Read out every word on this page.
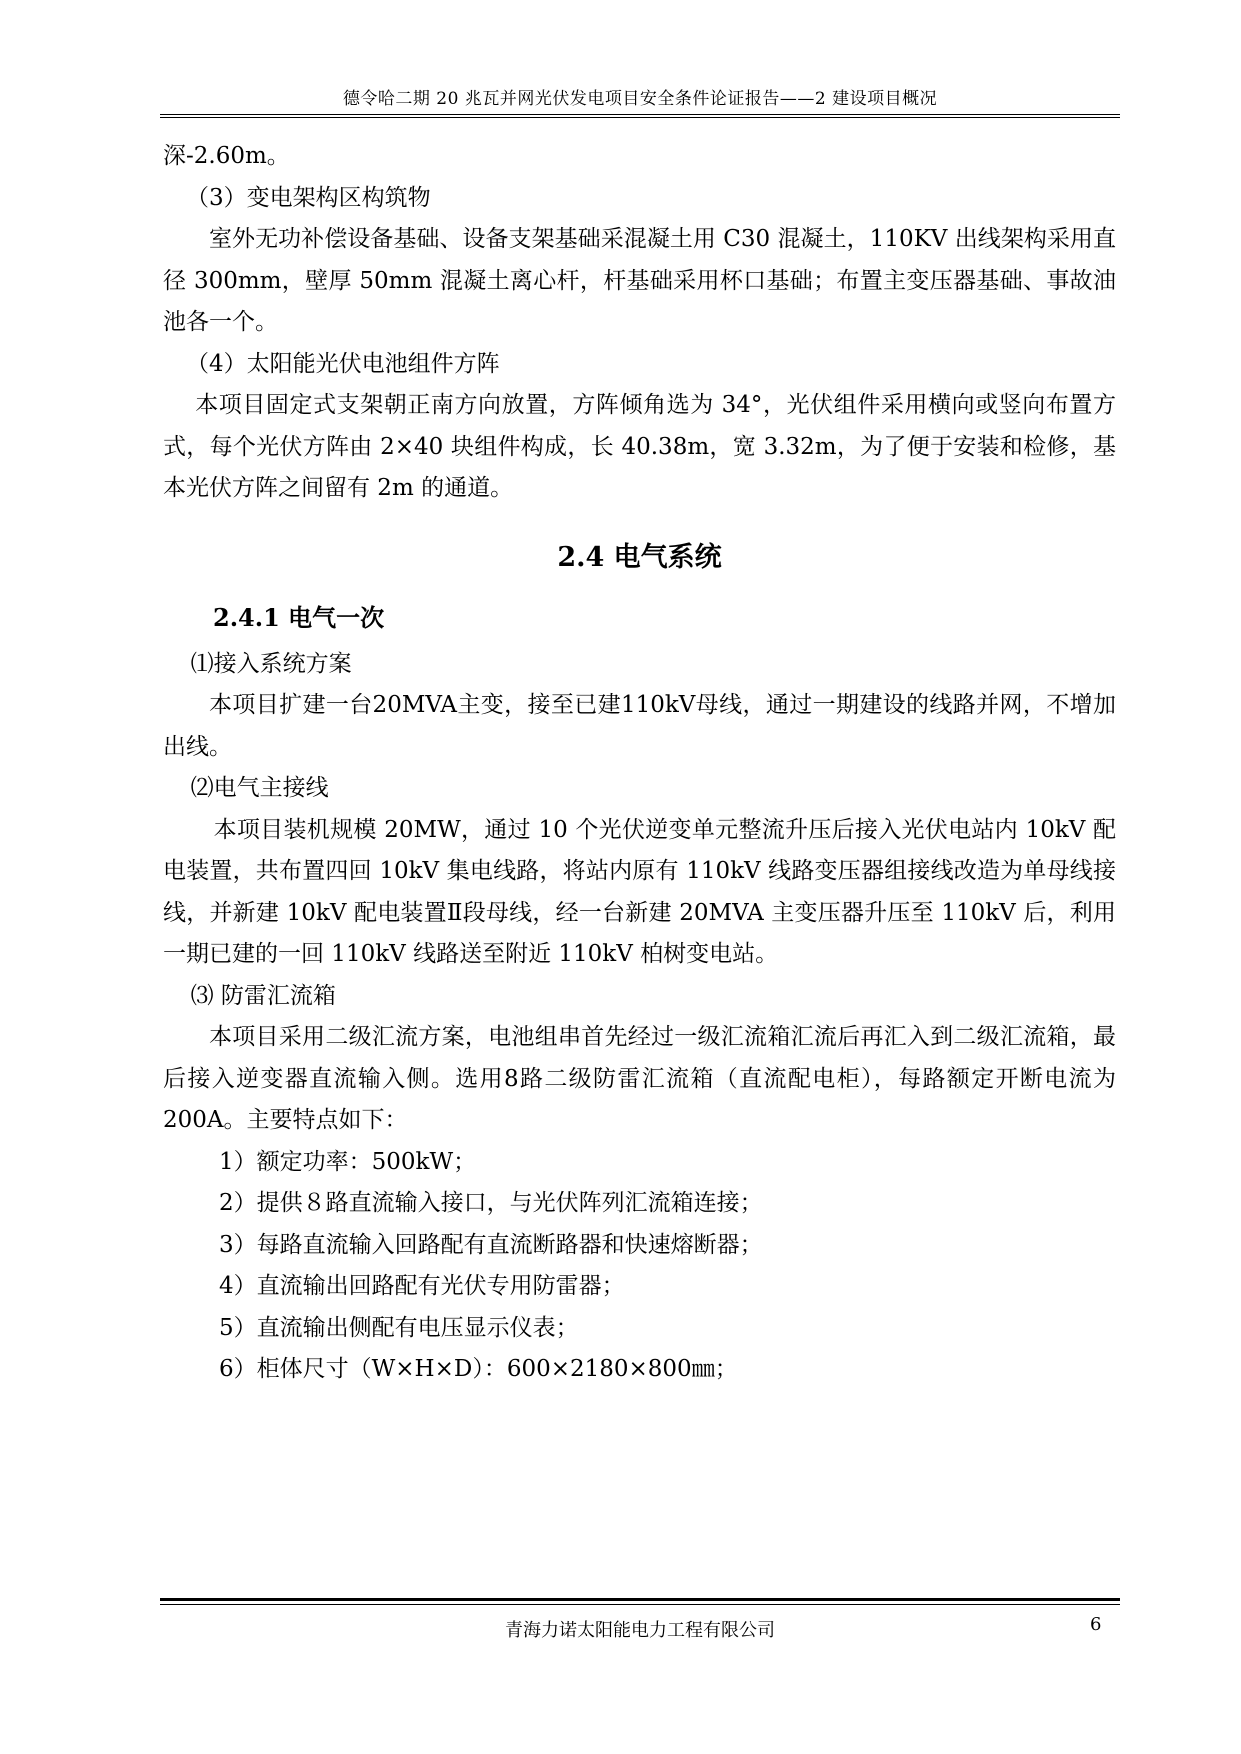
德令哈二期 20 兆瓦并网光伏发电项目安全条件论证报告——2 建设项目概况

深-2.60m。

（3）变电架构区构筑物

室外无功补偿设备基础、设备支架基础采混凝土用 C30 混凝土，110KV 出线架构采用直径 300mm，壁厚 50mm 混凝土离心杆，杆基础采用杯口基础；布置主变压器基础、事故油池各一个。

（4）太阳能光伏电池组件方阵

本项目固定式支架朝正南方向放置，方阵倾角选为 34°，光伏组件采用横向或竖向布置方式，每个光伏方阵由 2×40 块组件构成，长 40.38m，宽 3.32m，为了便于安装和检修，基本光伏方阵之间留有 2m 的通道。

2.4 电气系统
2.4.1 电气一次

⑴接入系统方案

本项目扩建一台20MVA主变，接至已建110kV母线，通过一期建设的线路并网，不增加出线。

⑵电气主接线

本项目装机规模 20MW，通过 10 个光伏逆变单元整流升压后接入光伏电站内 10kV 配电装置，共布置四回 10kV 集电线路，将站内原有 110kV 线路变压器组接线改造为单母线接线，并新建 10kV 配电装置Ⅱ段母线，经一台新建 20MVA 主变压器升压至 110kV 后，利用一期已建的一回 110kV 线路送至附近 110kV 柏树变电站。

⑶ 防雷汇流箱

本项目采用二级汇流方案，电池组串首先经过一级汇流箱汇流后再汇入到二级汇流箱，最后接入逆变器直流输入侧。选用8路二级防雷汇流箱（直流配电柜），每路额定开断电流为200A。主要特点如下：

1）额定功率：500kW；

2）提供８路直流输入接口，与光伏阵列汇流箱连接；

3）每路直流输入回路配有直流断路器和快速熔断器；

4）直流输出回路配有光伏专用防雷器；

5）直流输出侧配有电压显示仪表；

6）柜体尺寸（W×H×D）：600×2180×800㎜；

青海力诺太阳能电力工程有限公司	6
